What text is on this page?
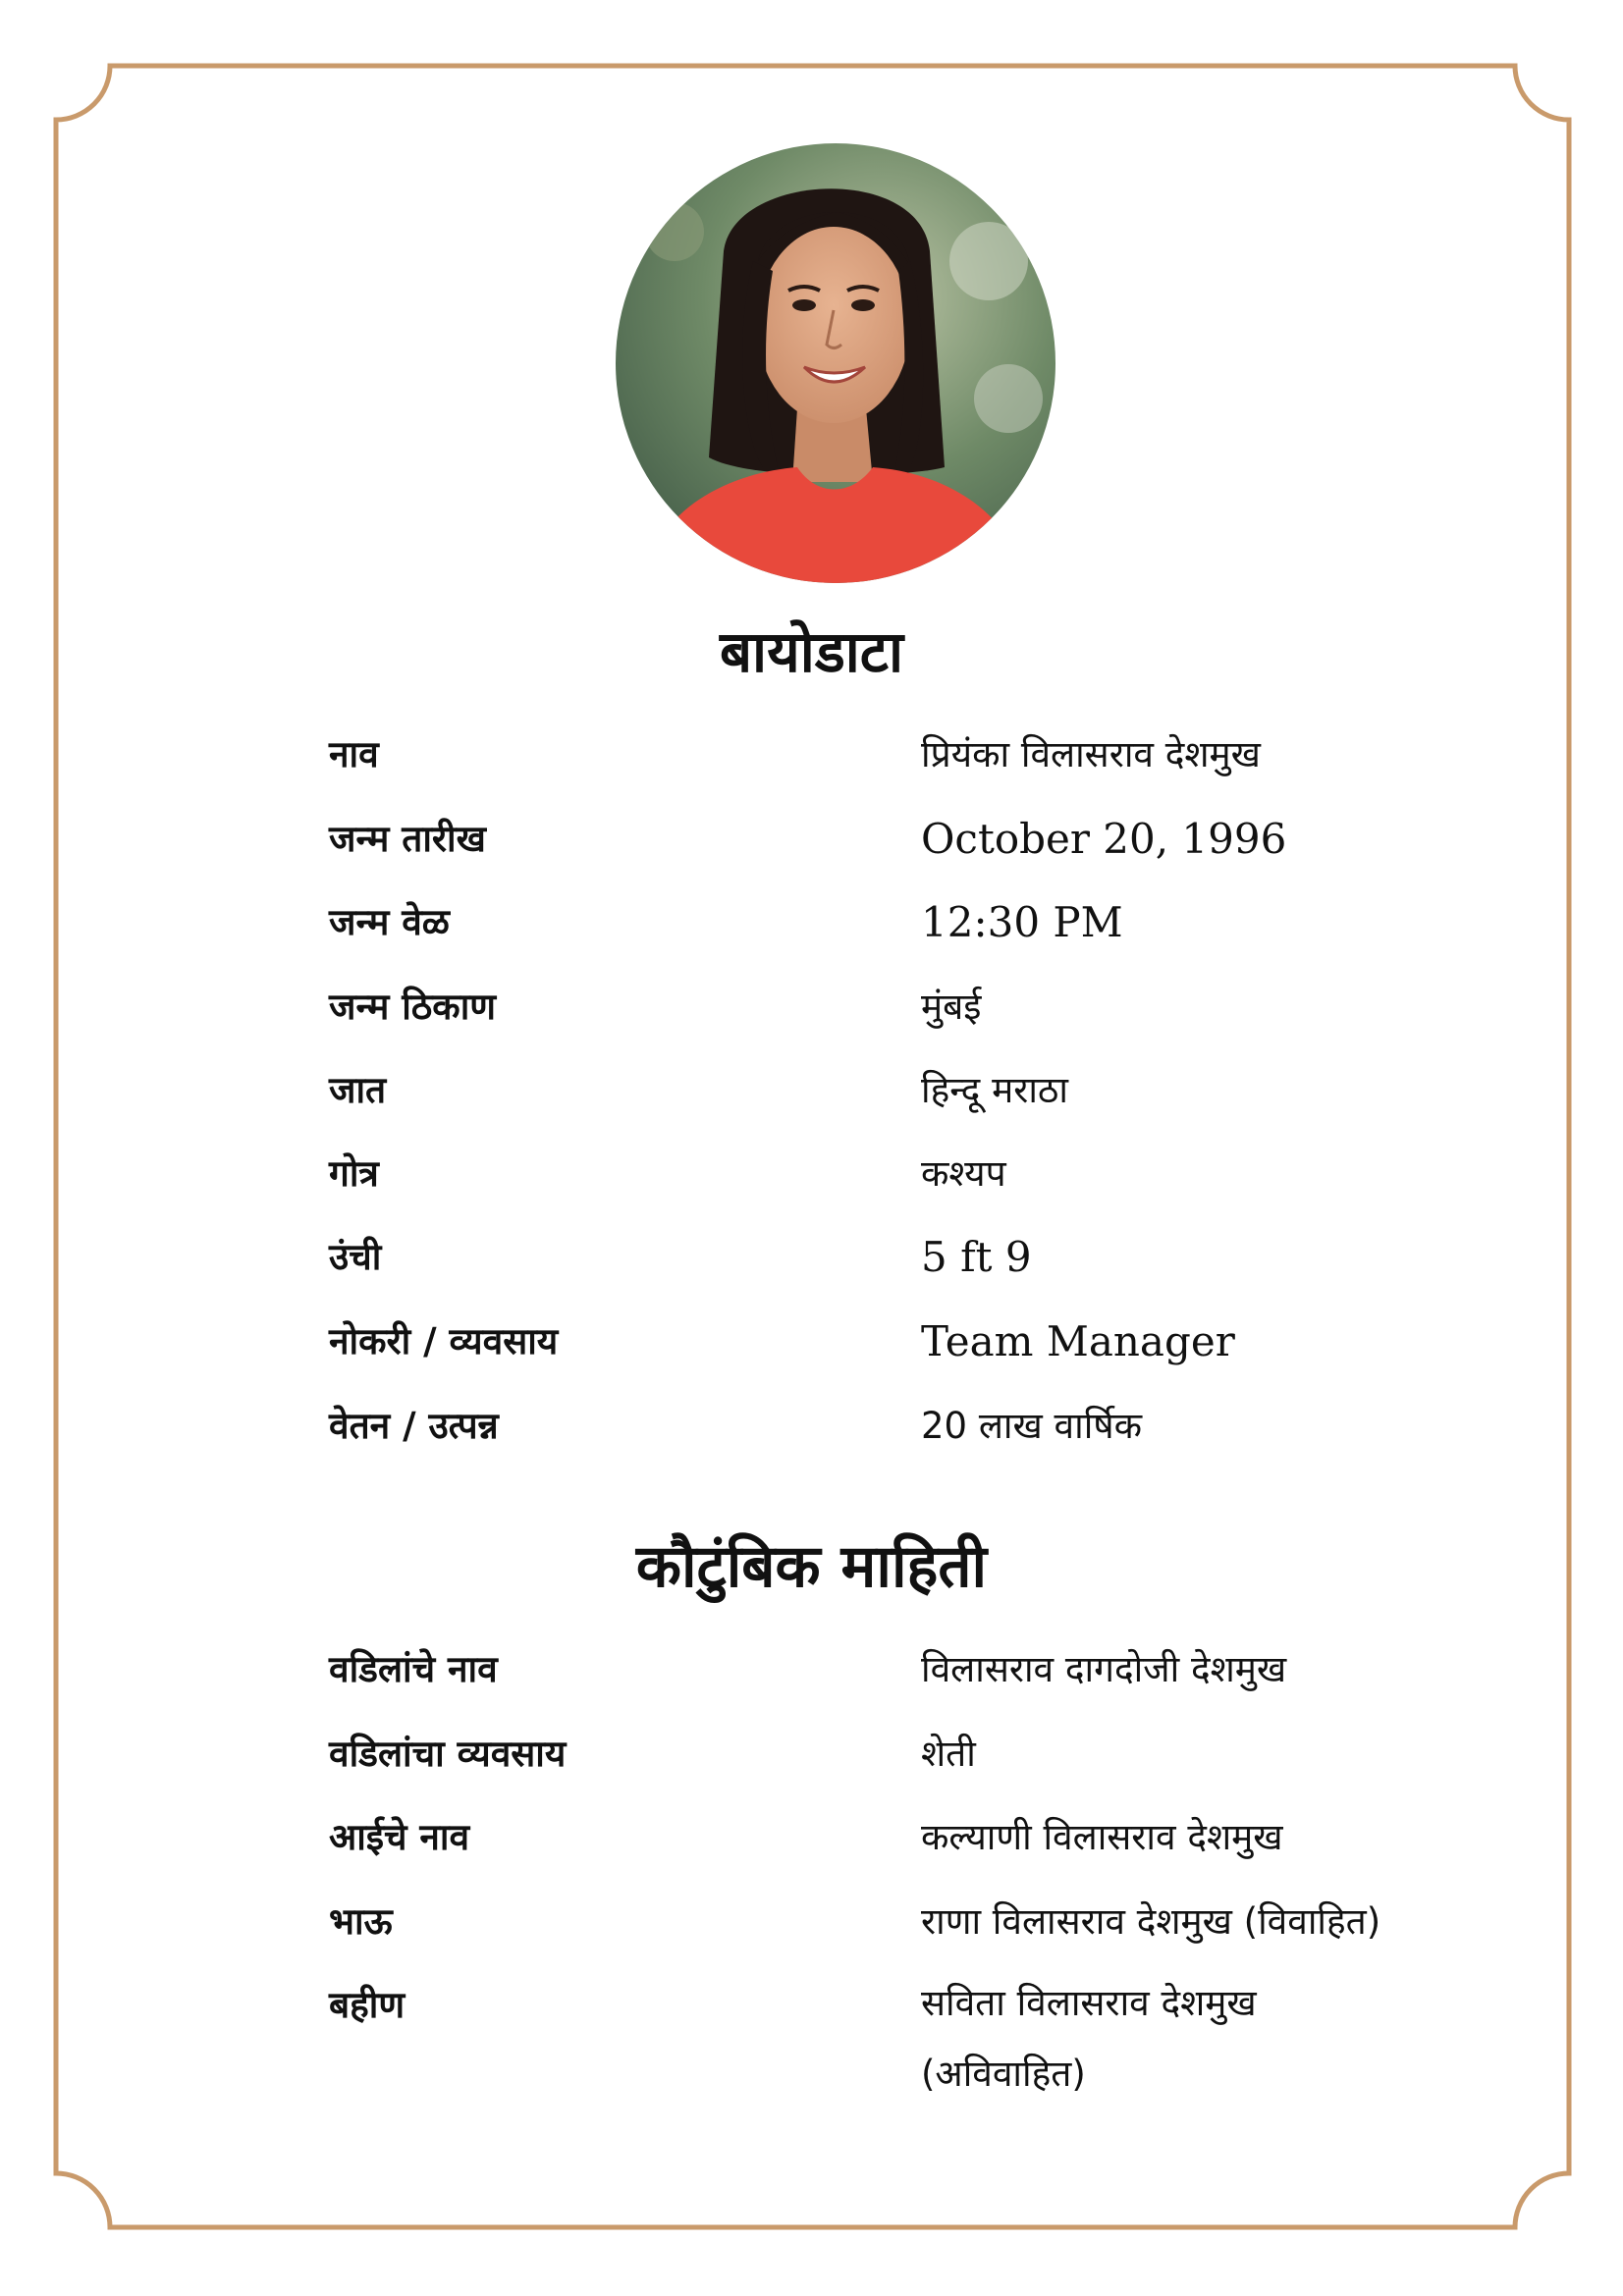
बायोडाटा
नाव	प्रियंका विलासराव देशमुख
जन्म तारीख	October 20, 1996
जन्म वेळ	12:30 PM
जन्म ठिकाण	मुंबई
जात	हिन्दू मराठा
गोत्र	कश्यप
उंची	5 ft 9
नोकरी / व्यवसाय	Team Manager
वेतन / उत्पन्न	20 लाख वार्षिक
कौटुंबिक माहिती
वडिलांचे नाव	विलासराव दागदोजी देशमुख
वडिलांचा व्यवसाय	शेती
आईचे नाव	कल्याणी विलासराव देशमुख
भाऊ	राणा विलासराव देशमुख (विवाहित)
बहीण	सविता विलासराव देशमुख (अविवाहित)
